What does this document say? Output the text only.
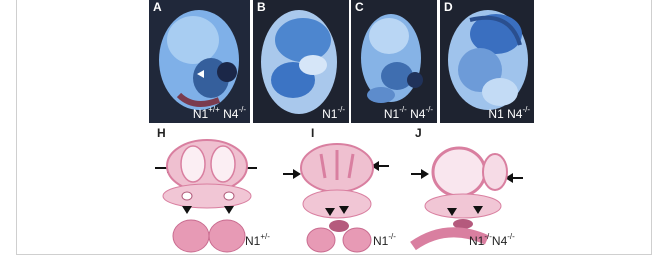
A
N1+/+ N4-/-
B
N1-/-
C
N1-/- N4-/-
D
N1 N4-/-
H
N1+/-
I
N1-/-
J
N1-/-N4-/-
